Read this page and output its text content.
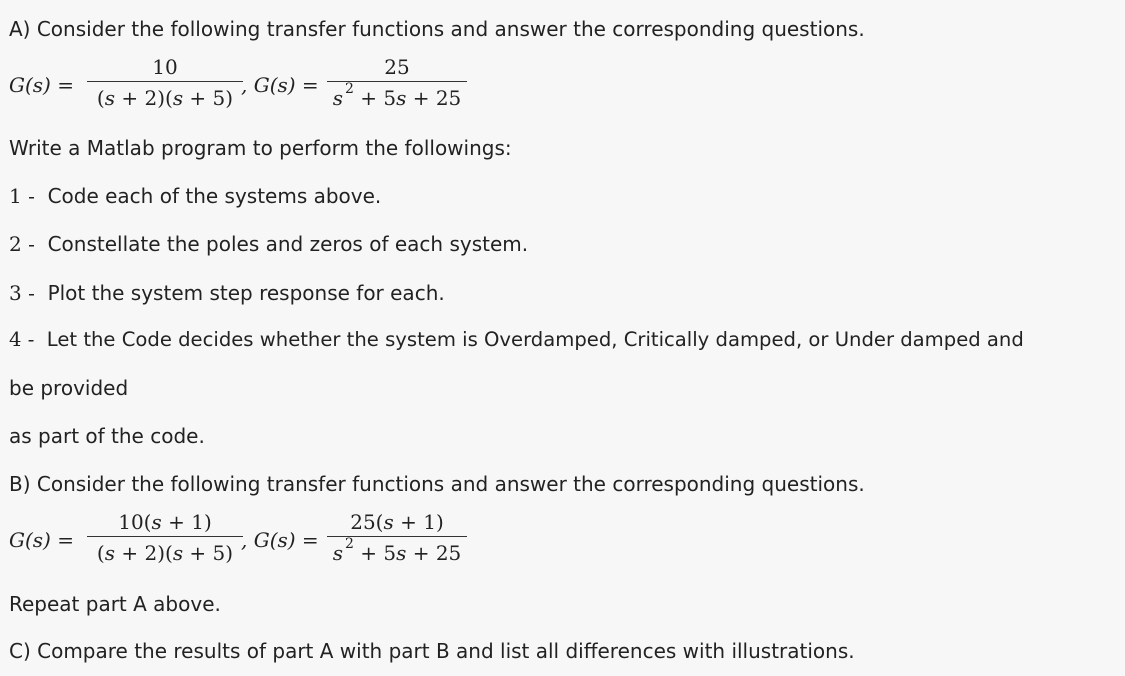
A) Consider the following transfer functions and answer the corresponding questions.

G(s) =
10
(s + 2)(s + 5)
, G(s) =
25
s $^2$ + 5s + 25

Write a Matlab program to perform the followings:

1 - Code each of the systems above.

2 - Constellate the poles and zeros of each system.

3 - Plot the system step response for each.

4 - Let the Code decides whether the system is Overdamped, Critically damped, or Under damped and

be provided

as part of the code.

B) Consider the following transfer functions and answer the corresponding questions.

G(s) =
10(s + 1)
(s + 2)(s + 5)
, G(s) =
25(s + 1)
s $^2$ + 5s + 25

Repeat part A above.

C) Compare the results of part A with part B and list all differences with illustrations.
